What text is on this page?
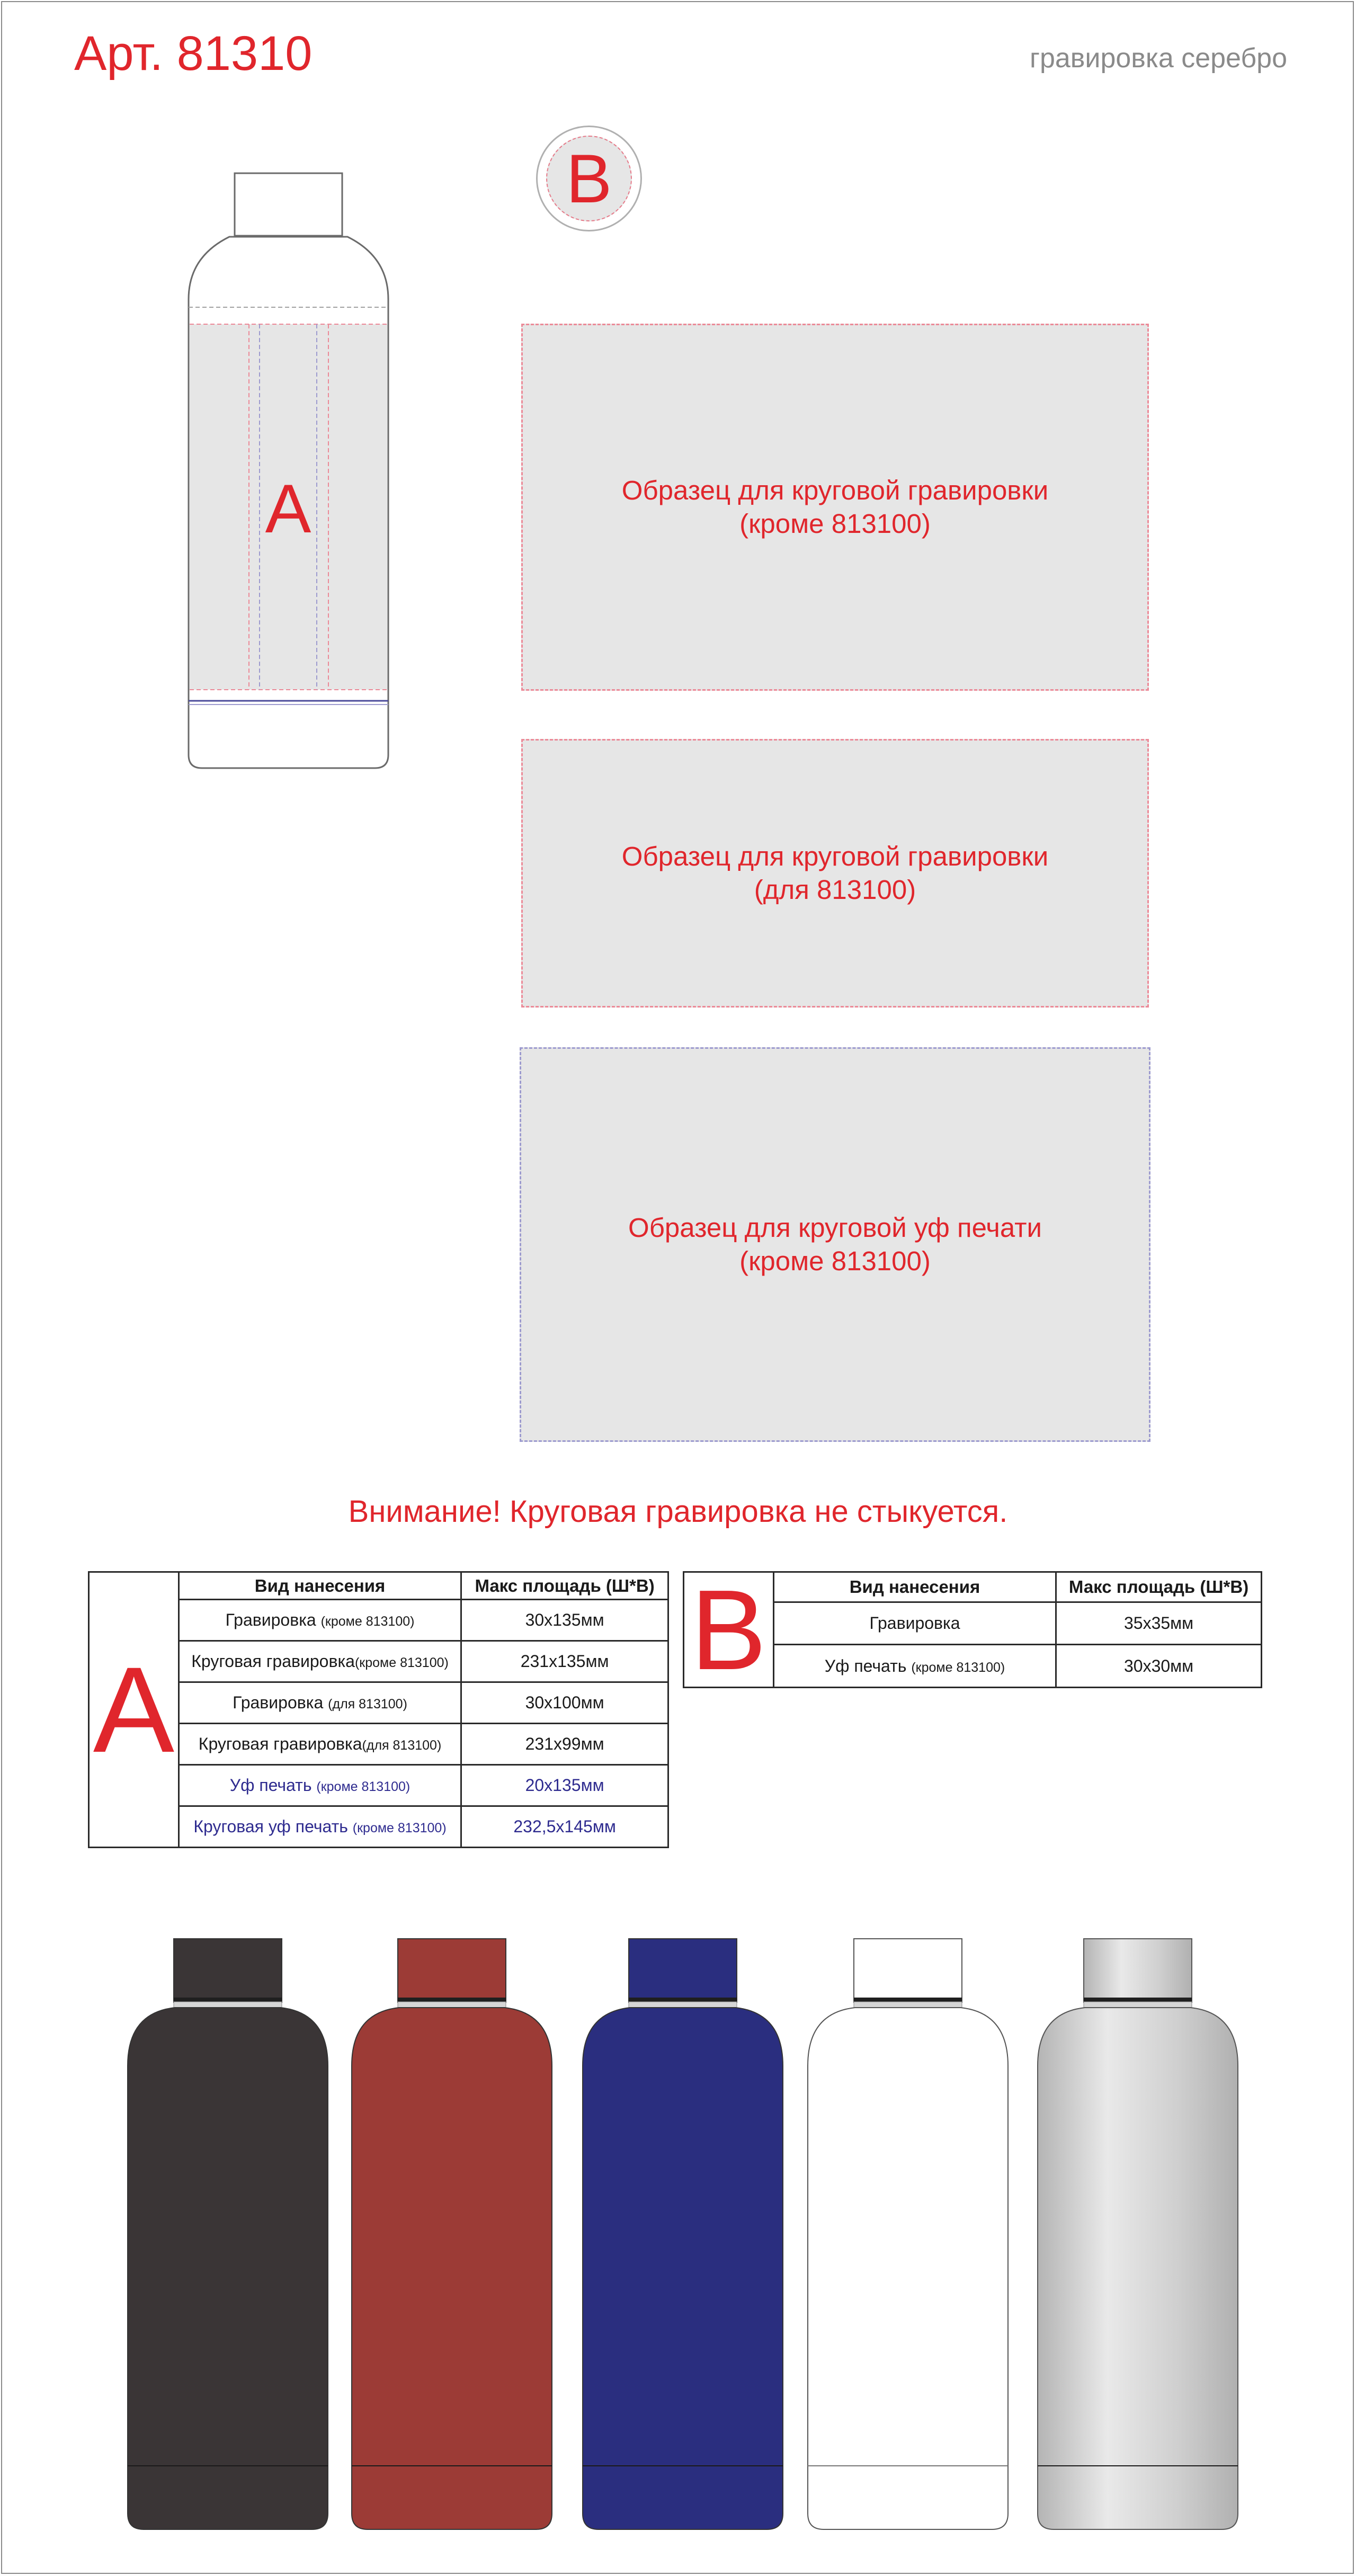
Арт. 81310	гравировка серебро
A
B
Образец для круговой гравировки
(кроме 813100)
Образец для круговой гравировки
(для 813100)
Образец для круговой уф печати
(кроме 813100)
Внимание! Круговая гравировка не стыкуется.
A	Вид нанесения	Макс площадь (Ш*В)
	Гравировка (кроме 813100)	30х135мм
	Круговая гравировка(кроме 813100)	231х135мм
	Гравировка (для 813100)	30х100мм
	Круговая гравировка(для 813100)	231х99мм
	Уф печать (кроме 813100)	20х135мм
	Круговая уф печать (кроме 813100)	232,5х145мм
B	Вид нанесения	Макс площадь (Ш*В)
	Гравировка	35х35мм
	Уф печать (кроме 813100)	30х30мм
